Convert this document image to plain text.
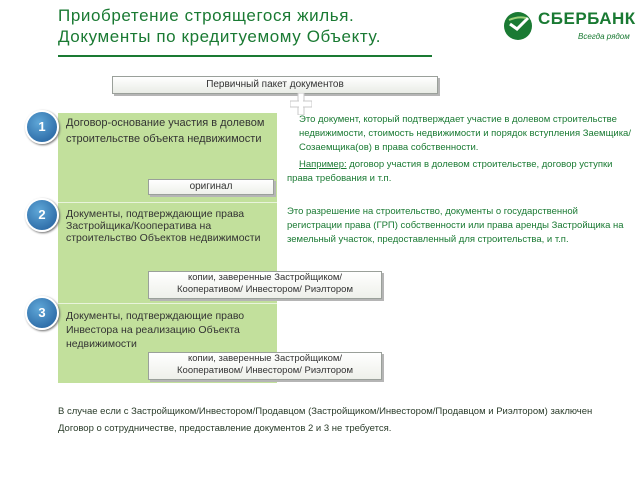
Приобретение строящегося жилья.
Документы по кредитуемому Объекту.
СБЕРБАНК
Всегда рядом
Первичный пакет документов
1
2
3
Договор-основание участия в долевом строительстве объекта недвижимости
Документы, подтверждающие права Застройщика/Кооператива на строительство Объектов недвижимости
Документы, подтверждающие право Инвестора на реализацию Объекта недвижимости
оригинал
копии, заверенные Застройщиком/
Кооперативом/ Инвестором/ Риэлтором
копии, заверенные Застройщиком/
Кооперативом/ Инвестором/ Риэлтором
Это документ, который подтверждает участие в долевом строительстве недвижимости, стоимость недвижимости и порядок вступления Заемщика/Созаемщика(ов) в права собственности.
Например: договор участия в долевом строительстве, договор уступки права требования и т.п.
Это разрешение на строительство, документы о государственной регистрации права (ГРП) собственности или права аренды Застройщика на земельный участок, предоставленный для строительства, и т.п.
В случае если с Застройщиком/Инвестором/Продавцом (Застройщиком/Инвестором/Продавцом и Риэлтором) заключен Договор о сотрудничестве, предоставление документов 2 и 3 не требуется.
